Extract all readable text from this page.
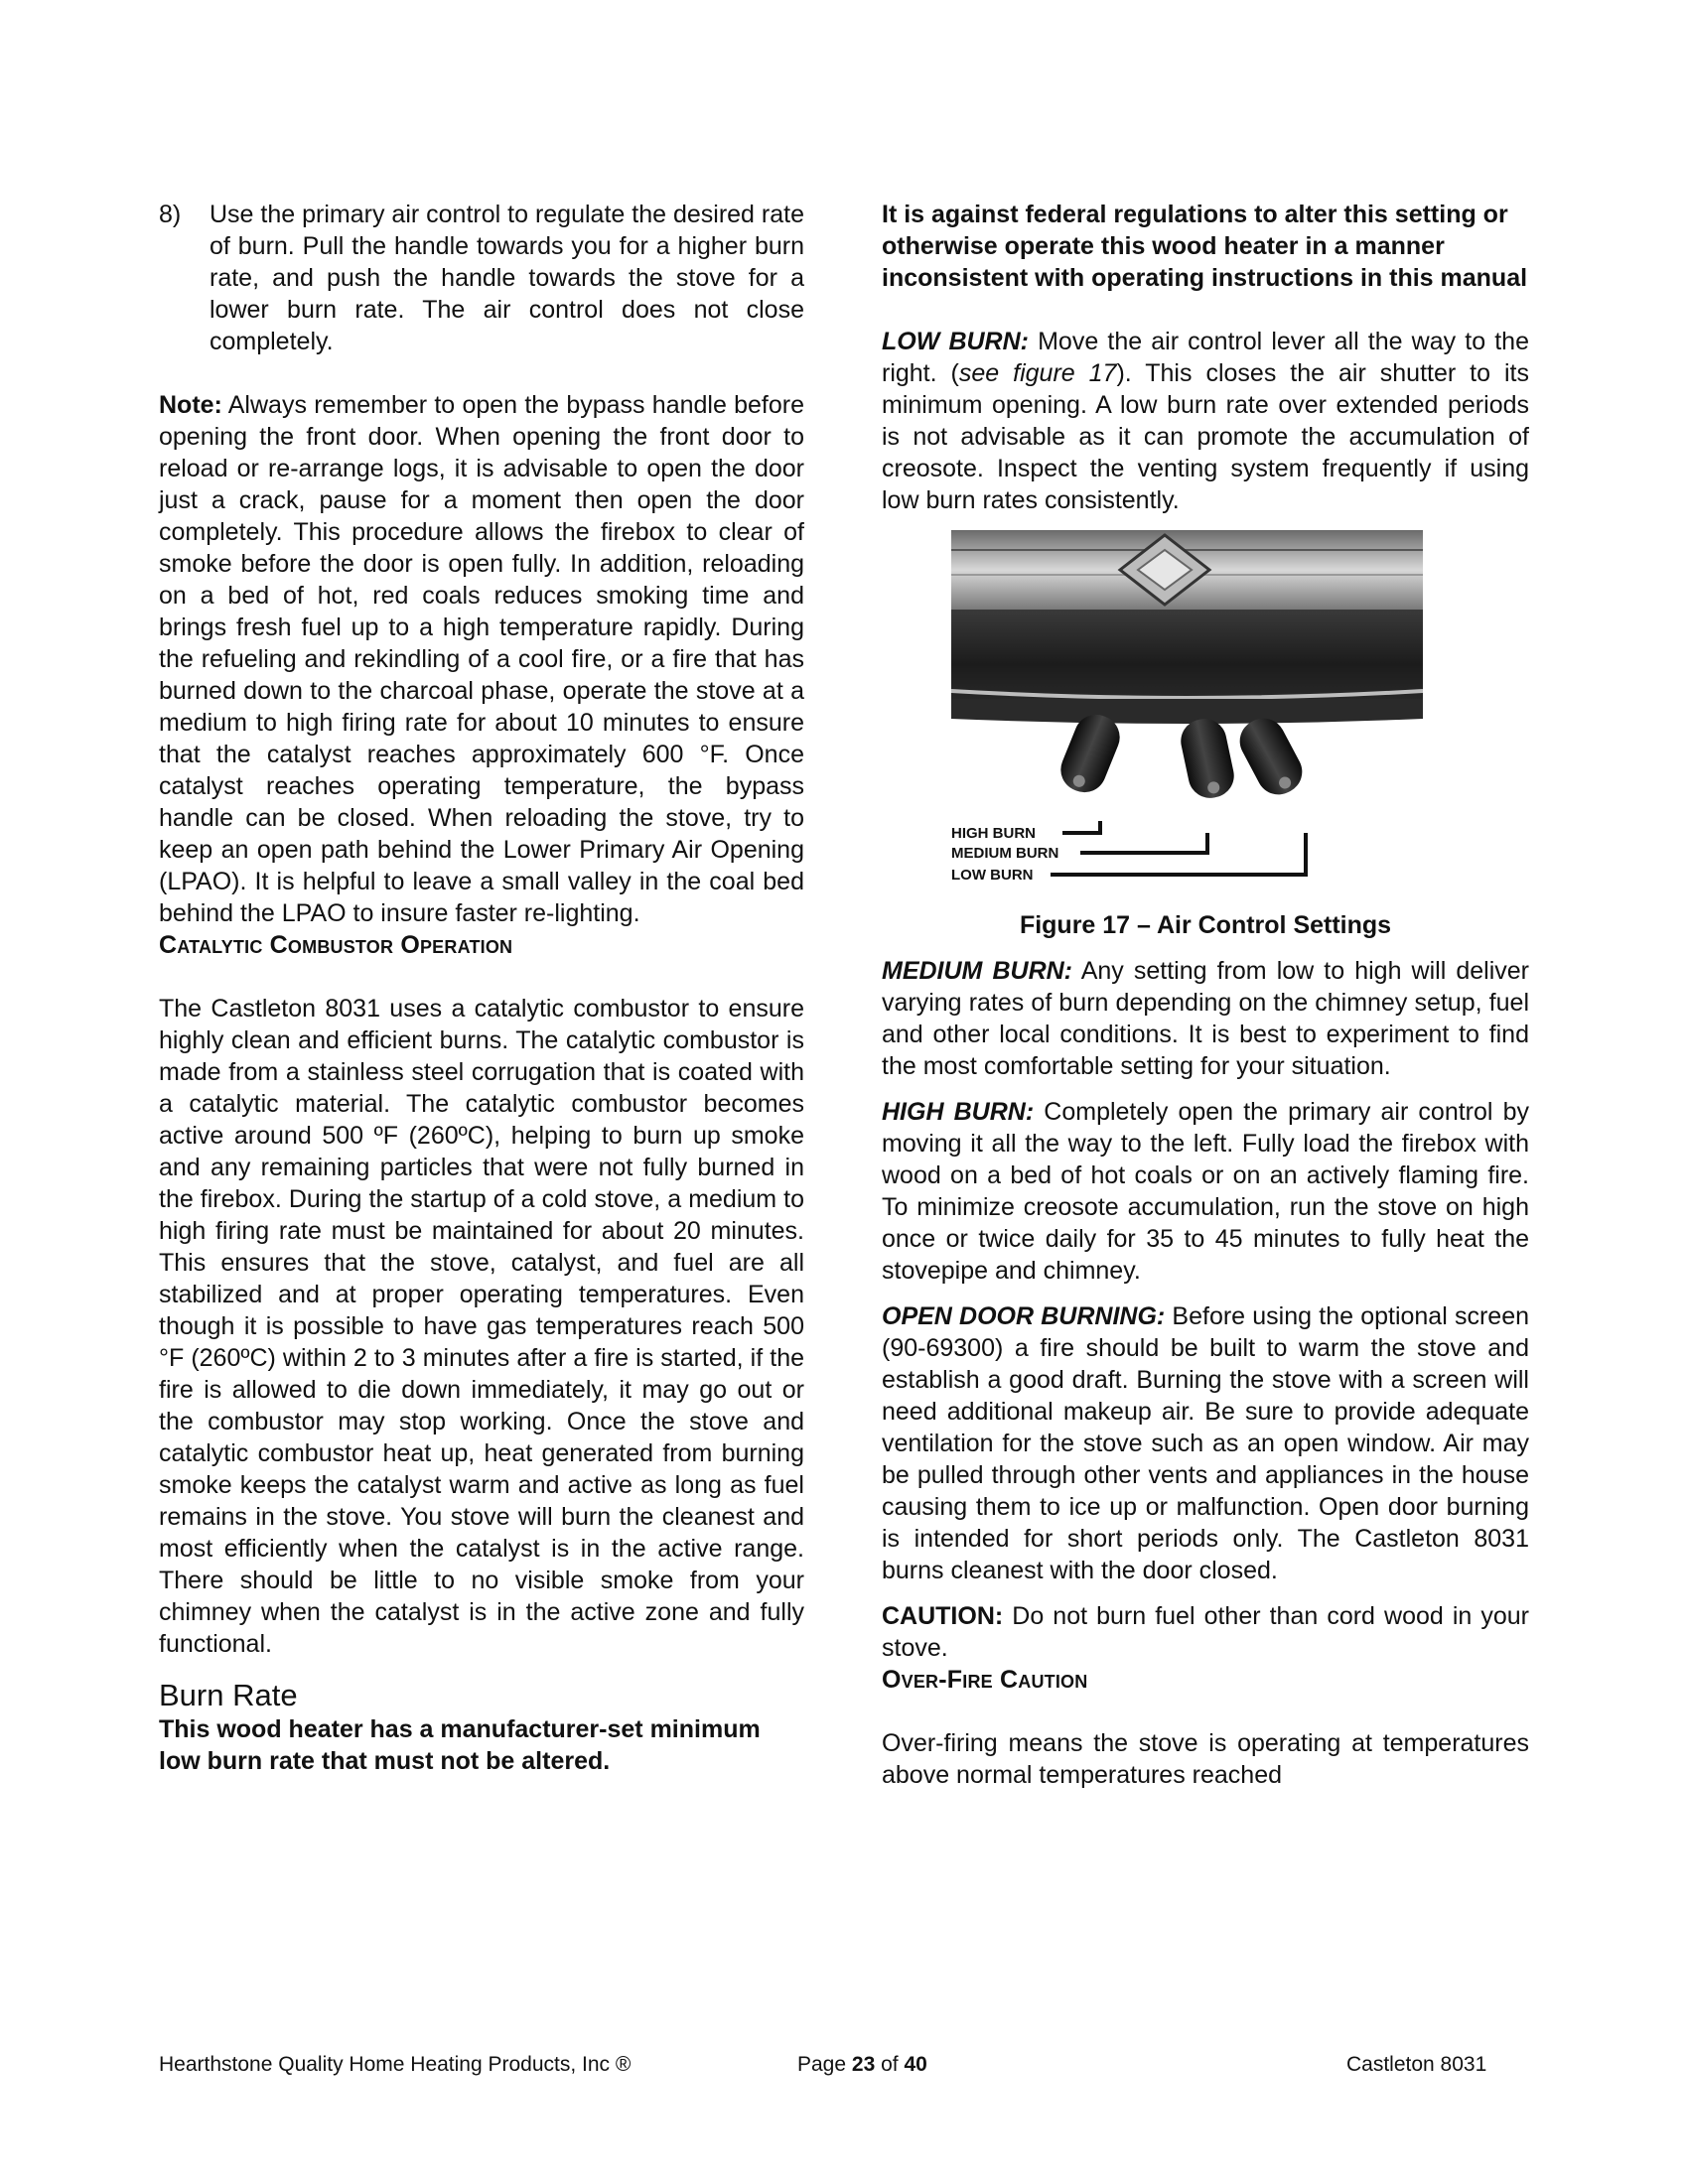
8)	Use the primary air control to regulate the desired rate of burn. Pull the handle towards you for a higher burn rate, and push the handle towards the stove for a lower burn rate. The air control does not close completely.

Note: Always remember to open the bypass handle before opening the front door. When opening the front door to reload or re-arrange logs, it is advisable to open the door just a crack, pause for a moment then open the door completely. This procedure allows the firebox to clear of smoke before the door is open fully. In addition, reloading on a bed of hot, red coals reduces smoking time and brings fresh fuel up to a high temperature rapidly. During the refueling and rekindling of a cool fire, or a fire that has burned down to the charcoal phase, operate the stove at a medium to high firing rate for about 10 minutes to ensure that the catalyst reaches approximately 600 °F. Once catalyst reaches operating temperature, the bypass handle can be closed. When reloading the stove, try to keep an open path behind the Lower Primary Air Opening (LPAO). It is helpful to leave a small valley in the coal bed behind the LPAO to insure faster re-lighting.

Catalytic Combustor Operation

The Castleton 8031 uses a catalytic combustor to ensure highly clean and efficient burns. The catalytic combustor is made from a stainless steel corrugation that is coated with a catalytic material. The catalytic combustor becomes active around 500 ºF (260ºC), helping to burn up smoke and any remaining particles that were not fully burned in the firebox. During the startup of a cold stove, a medium to high firing rate must be maintained for about 20 minutes. This ensures that the stove, catalyst, and fuel are all stabilized and at proper operating temperatures. Even though it is possible to have gas temperatures reach 500 °F (260ºC) within 2 to 3 minutes after a fire is started, if the fire is allowed to die down immediately, it may go out or the combustor may stop working. Once the stove and catalytic combustor heat up, heat generated from burning smoke keeps the catalyst warm and active as long as fuel remains in the stove. You stove will burn the cleanest and most efficiently when the catalyst is in the active range. There should be little to no visible smoke from your chimney when the catalyst is in the active zone and fully functional.

Burn Rate

This wood heater has a manufacturer-set minimum low burn rate that must not be altered.

It is against federal regulations to alter this setting or otherwise operate this wood heater in a manner inconsistent with operating instructions in this manual

LOW BURN: Move the air control lever all the way to the right. (see figure 17). This closes the air shutter to its minimum opening. A low burn rate over extended periods is not advisable as it can promote the accumulation of creosote. Inspect the venting system frequently if using low burn rates consistently.

HIGH BURN
MEDIUM BURN
LOW BURN
Figure 17 – Air Control Settings

MEDIUM BURN: Any setting from low to high will deliver varying rates of burn depending on the chimney setup, fuel and other local conditions. It is best to experiment to find the most comfortable setting for your situation.

HIGH BURN: Completely open the primary air control by moving it all the way to the left. Fully load the firebox with wood on a bed of hot coals or on an actively flaming fire. To minimize creosote accumulation, run the stove on high once or twice daily for 35 to 45 minutes to fully heat the stovepipe and chimney.

OPEN DOOR BURNING: Before using the optional screen (90-69300) a fire should be built to warm the stove and establish a good draft. Burning the stove with a screen will need additional makeup air. Be sure to provide adequate ventilation for the stove such as an open window. Air may be pulled through other vents and appliances in the house causing them to ice up or malfunction. Open door burning is intended for short periods only. The Castleton 8031 burns cleanest with the door closed.

CAUTION: Do not burn fuel other than cord wood in your stove.

Over-Fire Caution

Over-firing means the stove is operating at temperatures above normal temperatures reached

Hearthstone Quality Home Heating Products, Inc ®	Page 23 of 40	Castleton 8031
